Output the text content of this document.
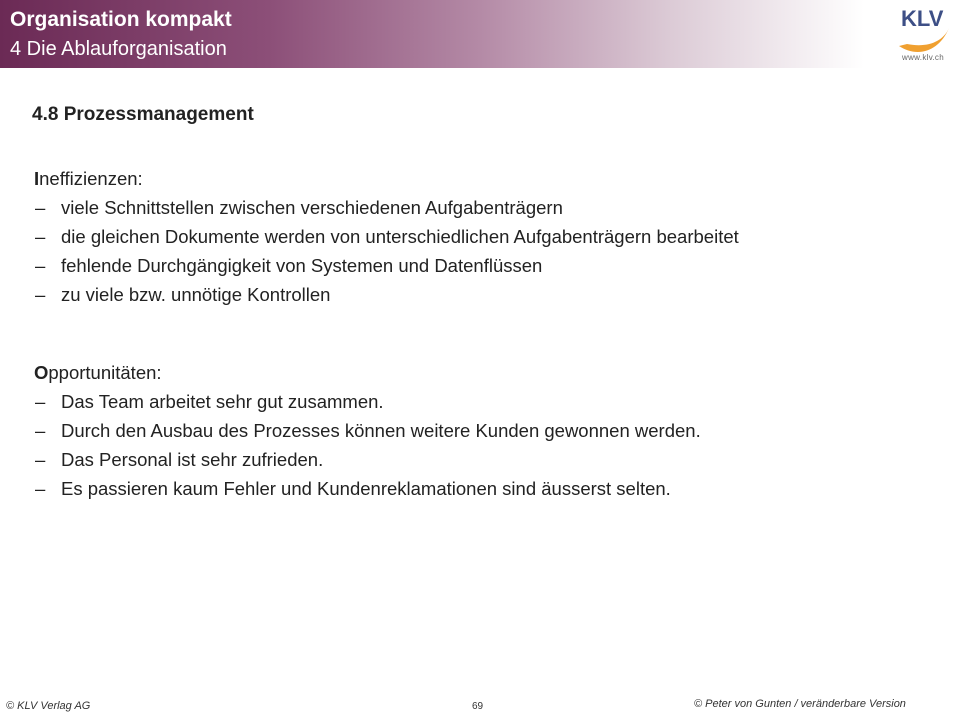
Organisation kompakt
4 Die Ablauforganisation
KLV
www.klv.ch
4.8 Prozessmanagement
Ineffizienzen:
– viele Schnittstellen zwischen verschiedenen Aufgabenträgern
– die gleichen Dokumente werden von unterschiedlichen Aufgabenträgern bearbeitet
– fehlende Durchgängigkeit von Systemen und Datenflüssen
– zu viele bzw. unnötige Kontrollen
Opportunitäten:
– Das Team arbeitet sehr gut zusammen.
– Durch den Ausbau des Prozesses können weitere Kunden gewonnen werden.
– Das Personal ist sehr zufrieden.
– Es passieren kaum Fehler und Kundenreklamationen sind äusserst selten.
© KLV Verlag AG	69	© Peter von Gunten / veränderbare Version
